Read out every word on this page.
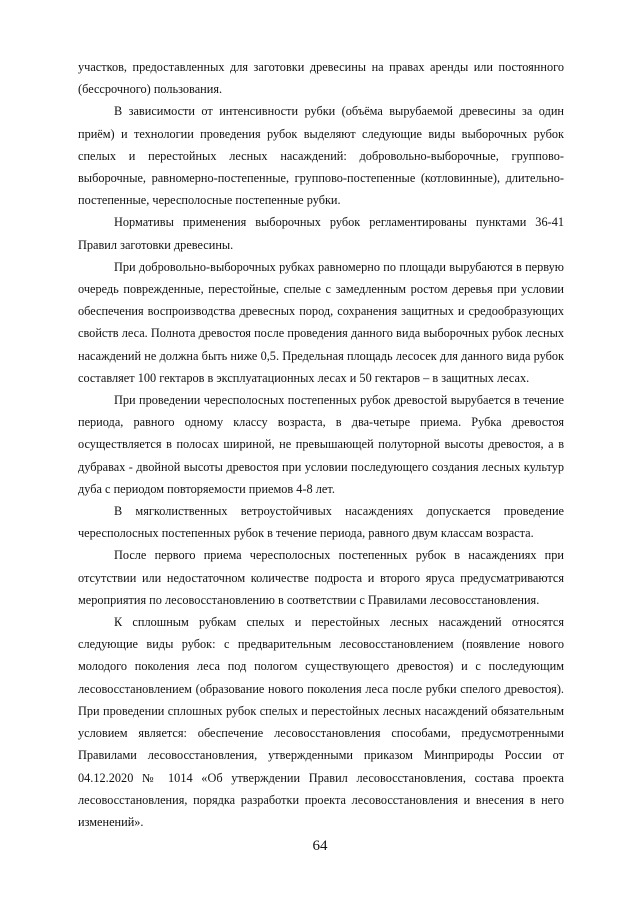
участков, предоставленных для заготовки древесины на правах аренды или постоянного (бессрочного) пользования.

В зависимости от интенсивности рубки (объёма вырубаемой древесины за один приём) и технологии проведения рубок выделяют следующие виды выборочных рубок спелых и перестойных лесных насаждений: добровольно-выборочные, группово-выборочные, равномерно-постепенные, группово-постепенные (котловинные), длительно-постепенные, чересполосные постепенные рубки.

Нормативы применения выборочных рубок регламентированы пунктами 36-41 Правил заготовки древесины.

При добровольно-выборочных рубках равномерно по площади вырубаются в первую очередь поврежденные, перестойные, спелые с замедленным ростом деревья при условии обеспечения воспроизводства древесных пород, сохранения защитных и средообразующих свойств леса. Полнота древостоя после проведения данного вида выборочных рубок лесных насаждений не должна быть ниже 0,5. Предельная площадь лесосек для данного вида рубок составляет 100 гектаров в эксплуатационных лесах и 50 гектаров – в защитных лесах.

При проведении чересполосных постепенных рубок древостой вырубается в течение периода, равного одному классу возраста, в два-четыре приема. Рубка древостоя осуществляется в полосах шириной, не превышающей полуторной высоты древостоя, а в дубравах - двойной высоты древостоя при условии последующего создания лесных культур дуба с периодом повторяемости приемов 4-8 лет.

В мягколиственных ветроустойчивых насаждениях допускается проведение чересполосных постепенных рубок в течение периода, равного двум классам возраста.

После первого приема чересполосных постепенных рубок в насаждениях при отсутствии или недостаточном количестве подроста и второго яруса предусматриваются мероприятия по лесовосстановлению в соответствии с Правилами лесовосстановления.

К сплошным рубкам спелых и перестойных лесных насаждений относятся следующие виды рубок: с предварительным лесовосстановлением (появление нового молодого поколения леса под пологом существующего древостоя) и с последующим лесовосстановлением (образование нового поколения леса после рубки спелого древостоя). При проведении сплошных рубок спелых и перестойных лесных насаждений обязательным условием является: обеспечение лесовосстановления способами, предусмотренными Правилами лесовосстановления, утвержденными приказом Минприроды России от 04.12.2020 № 1014 «Об утверждении Правил лесовосстановления, состава проекта лесовосстановления, порядка разработки проекта лесовосстановления и внесения в него изменений».

64
